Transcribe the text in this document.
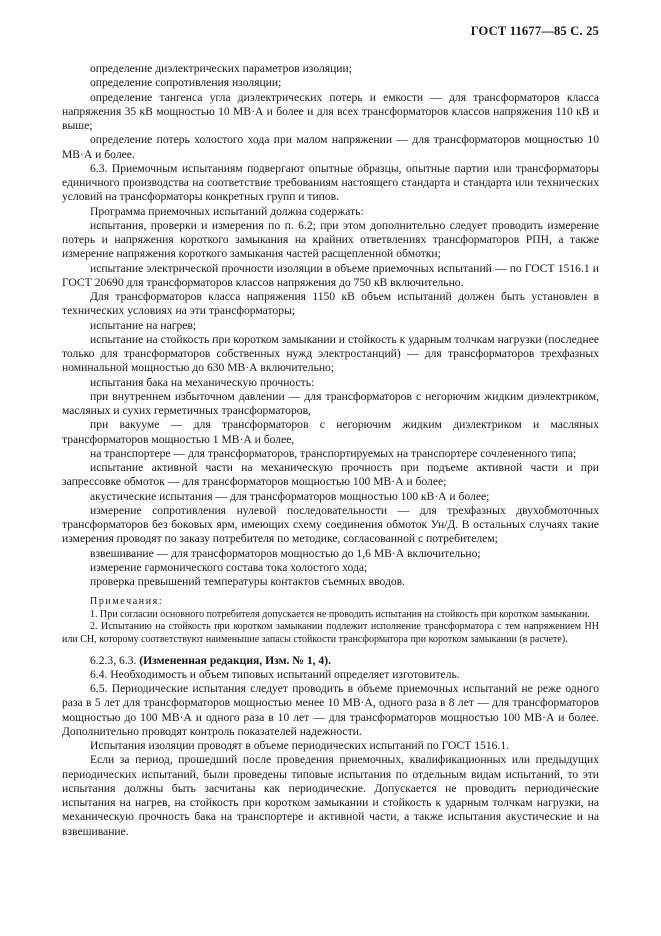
ГОСТ 11677—85 С. 25

определение диэлектрических параметров изоляции;

определение сопротивления изоляции;

определение тангенса угла диэлектрических потерь и емкости — для трансформаторов класса напряжения 35 кВ мощностью 10 МВ·А и более и для всех трансформаторов классов напряжения 110 кВ и выше;

определение потерь холостого хода при малом напряжении — для трансформаторов мощностью 10 МВ·А и более.

6.3. Приемочным испытаниям подвергают опытные образцы, опытные партии или трансформаторы единичного производства на соответствие требованиям настоящего стандарта и стандарта или технических условий на трансформаторы конкретных групп и типов.

Программа приемочных испытаний должна содержать:

испытания, проверки и измерения по п. 6.2; при этом дополнительно следует проводить измерение потерь и напряжения короткого замыкания на крайних ответвлениях трансформаторов РПН, а также измерение напряжения короткого замыкания частей расщепленной обмотки;

испытание электрической прочности изоляции в объеме приемочных испытаний — по ГОСТ 1516.1 и ГОСТ 20690 для трансформаторов классов напряжения до 750 кВ включительно.

Для трансформаторов класса напряжения 1150 кВ объем испытаний должен быть установлен в технических условиях на эти трансформаторы;

испытание на нагрев;

испытание на стойкость при коротком замыкании и стойкость к ударным толчкам нагрузки (последнее только для трансформаторов собственных нужд электростанций) — для трансформаторов трехфазных номинальной мощностью до 630 МВ·А включительно;

испытания бака на механическую прочность:

при внутреннем избыточном давлении — для трансформаторов с негорючим жидким диэлектриком, масляных и сухих герметичных трансформаторов,

при вакууме — для трансформаторов с негорючим жидким диэлектриком и масляных трансформаторов мощностью 1 МВ·А и более,

на транспортере — для трансформаторов, транспортируемых на транспортере сочлененного типа;

испытание активной части на механическую прочность при подъеме активной части и при запрессовке обмоток — для трансформаторов мощностью 100 МВ·А и более;

акустические испытания — для трансформаторов мощностью 100 кВ·А и более;

измерение сопротивления нулевой последовательности — для трехфазных двухобмоточных трансформаторов без боковых ярм, имеющих схему соединения обмоток Ун/Д. В остальных случаях такие измерения проводят по заказу потребителя по методике, согласованной с потребителем;

взвешивание — для трансформаторов мощностью до 1,6 МВ·А включительно;

измерение гармонического состава тока холостого хода;

проверка превышений температуры контактов съемных вводов.

Примечания:

1. При согласии основного потребителя допускается не проводить испытания на стойкость при коротком замыкании.

2. Испытанию на стойкость при коротком замыкании подлежит исполнение трансформатора с тем напряжением НН или СН, которому соответствуют наименьшие запасы стойкости трансформатора при коротком замыкании (в расчете).

6.2.3, 6.3. (Измененная редакция, Изм. № 1, 4).

6.4. Необходимость и объем типовых испытаний определяет изготовитель.

6.5. Периодические испытания следует проводить в объеме приемочных испытаний не реже одного раза в 5 лет для трансформаторов мощностью менее 10 МВ·А, одного раза в 8 лет — для трансформаторов мощностью до 100 МВ·А и одного раза в 10 лет — для трансформаторов мощностью 100 МВ·А и более. Дополнительно проводят контроль показателей надежности.

Испытания изоляции проводят в объеме периодических испытаний по ГОСТ 1516.1.

Если за период, прошедший после проведения приемочных, квалификационных или предыдущих периодических испытаний, были проведены типовые испытания по отдельным видам испытаний, то эти испытания должны быть засчитаны как периодические. Допускается не проводить периодические испытания на нагрев, на стойкость при коротком замыкании и стойкость к ударным толчкам нагрузки, на механическую прочность бака на транспортере и активной части, а также испытания акустические и на взвешивание.
